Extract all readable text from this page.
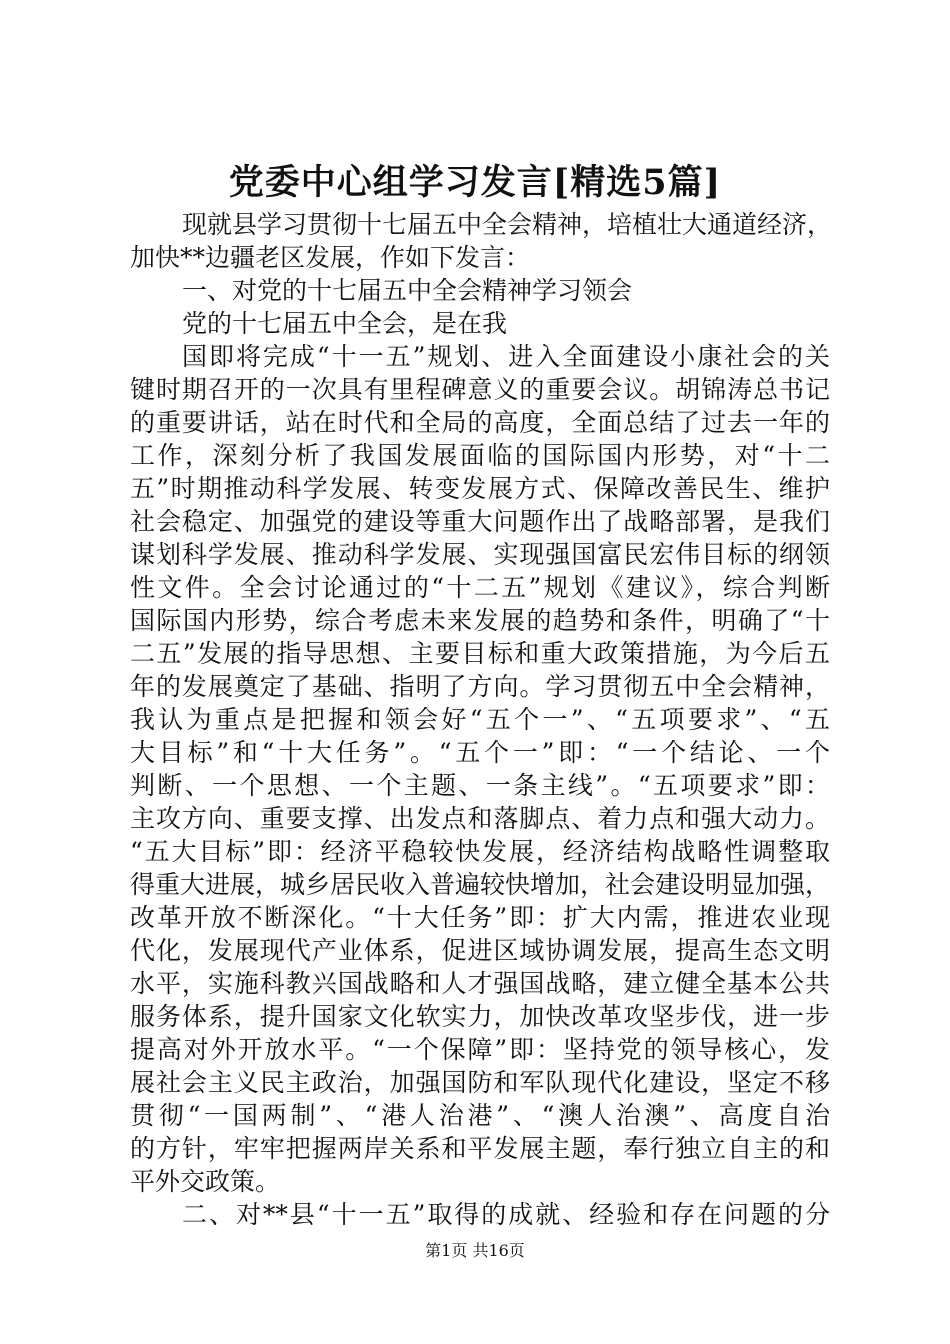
党委中心组学习发言[精选5篇]
现就县学习贯彻十七届五中全会精神，培植壮大通道经济，
加快**边疆老区发展，作如下发言：
一、对党的十七届五中全会精神学习领会
党的十七届五中全会，是在我
国即将完成“十一五”规划、进入全面建设小康社会的关
键时期召开的一次具有里程碑意义的重要会议。胡锦涛总书记
的重要讲话，站在时代和全局的高度，全面总结了过去一年的
工作，深刻分析了我国发展面临的国际国内形势，对“十二
五”时期推动科学发展、转变发展方式、保障改善民生、维护
社会稳定、加强党的建设等重大问题作出了战略部署，是我们
谋划科学发展、推动科学发展、实现强国富民宏伟目标的纲领
性文件。全会讨论通过的“十二五”规划《建议》，综合判断
国际国内形势，综合考虑未来发展的趋势和条件，明确了“十
二五”发展的指导思想、主要目标和重大政策措施，为今后五
年的发展奠定了基础、指明了方向。学习贯彻五中全会精神，
我认为重点是把握和领会好“五个一”、“五项要求”、“五
大目标”和“十大任务”。“五个一”即：“一个结论、一个
判断、一个思想、一个主题、一条主线”。“五项要求”即：
主攻方向、重要支撑、出发点和落脚点、着力点和强大动力。
“五大目标”即：经济平稳较快发展，经济结构战略性调整取
得重大进展，城乡居民收入普遍较快增加，社会建设明显加强，
改革开放不断深化。“十大任务”即：扩大内需，推进农业现
代化，发展现代产业体系，促进区域协调发展，提高生态文明
水平，实施科教兴国战略和人才强国战略，建立健全基本公共
服务体系，提升国家文化软实力，加快改革攻坚步伐，进一步
提高对外开放水平。“一个保障”即：坚持党的领导核心，发
展社会主义民主政治，加强国防和军队现代化建设，坚定不移
贯彻“一国两制”、“港人治港”、“澳人治澳”、高度自治
的方针，牢牢把握两岸关系和平发展主题，奉行独立自主的和
平外交政策。
二、对**县“十一五”取得的成就、经验和存在问题的分
第1页 共16页
